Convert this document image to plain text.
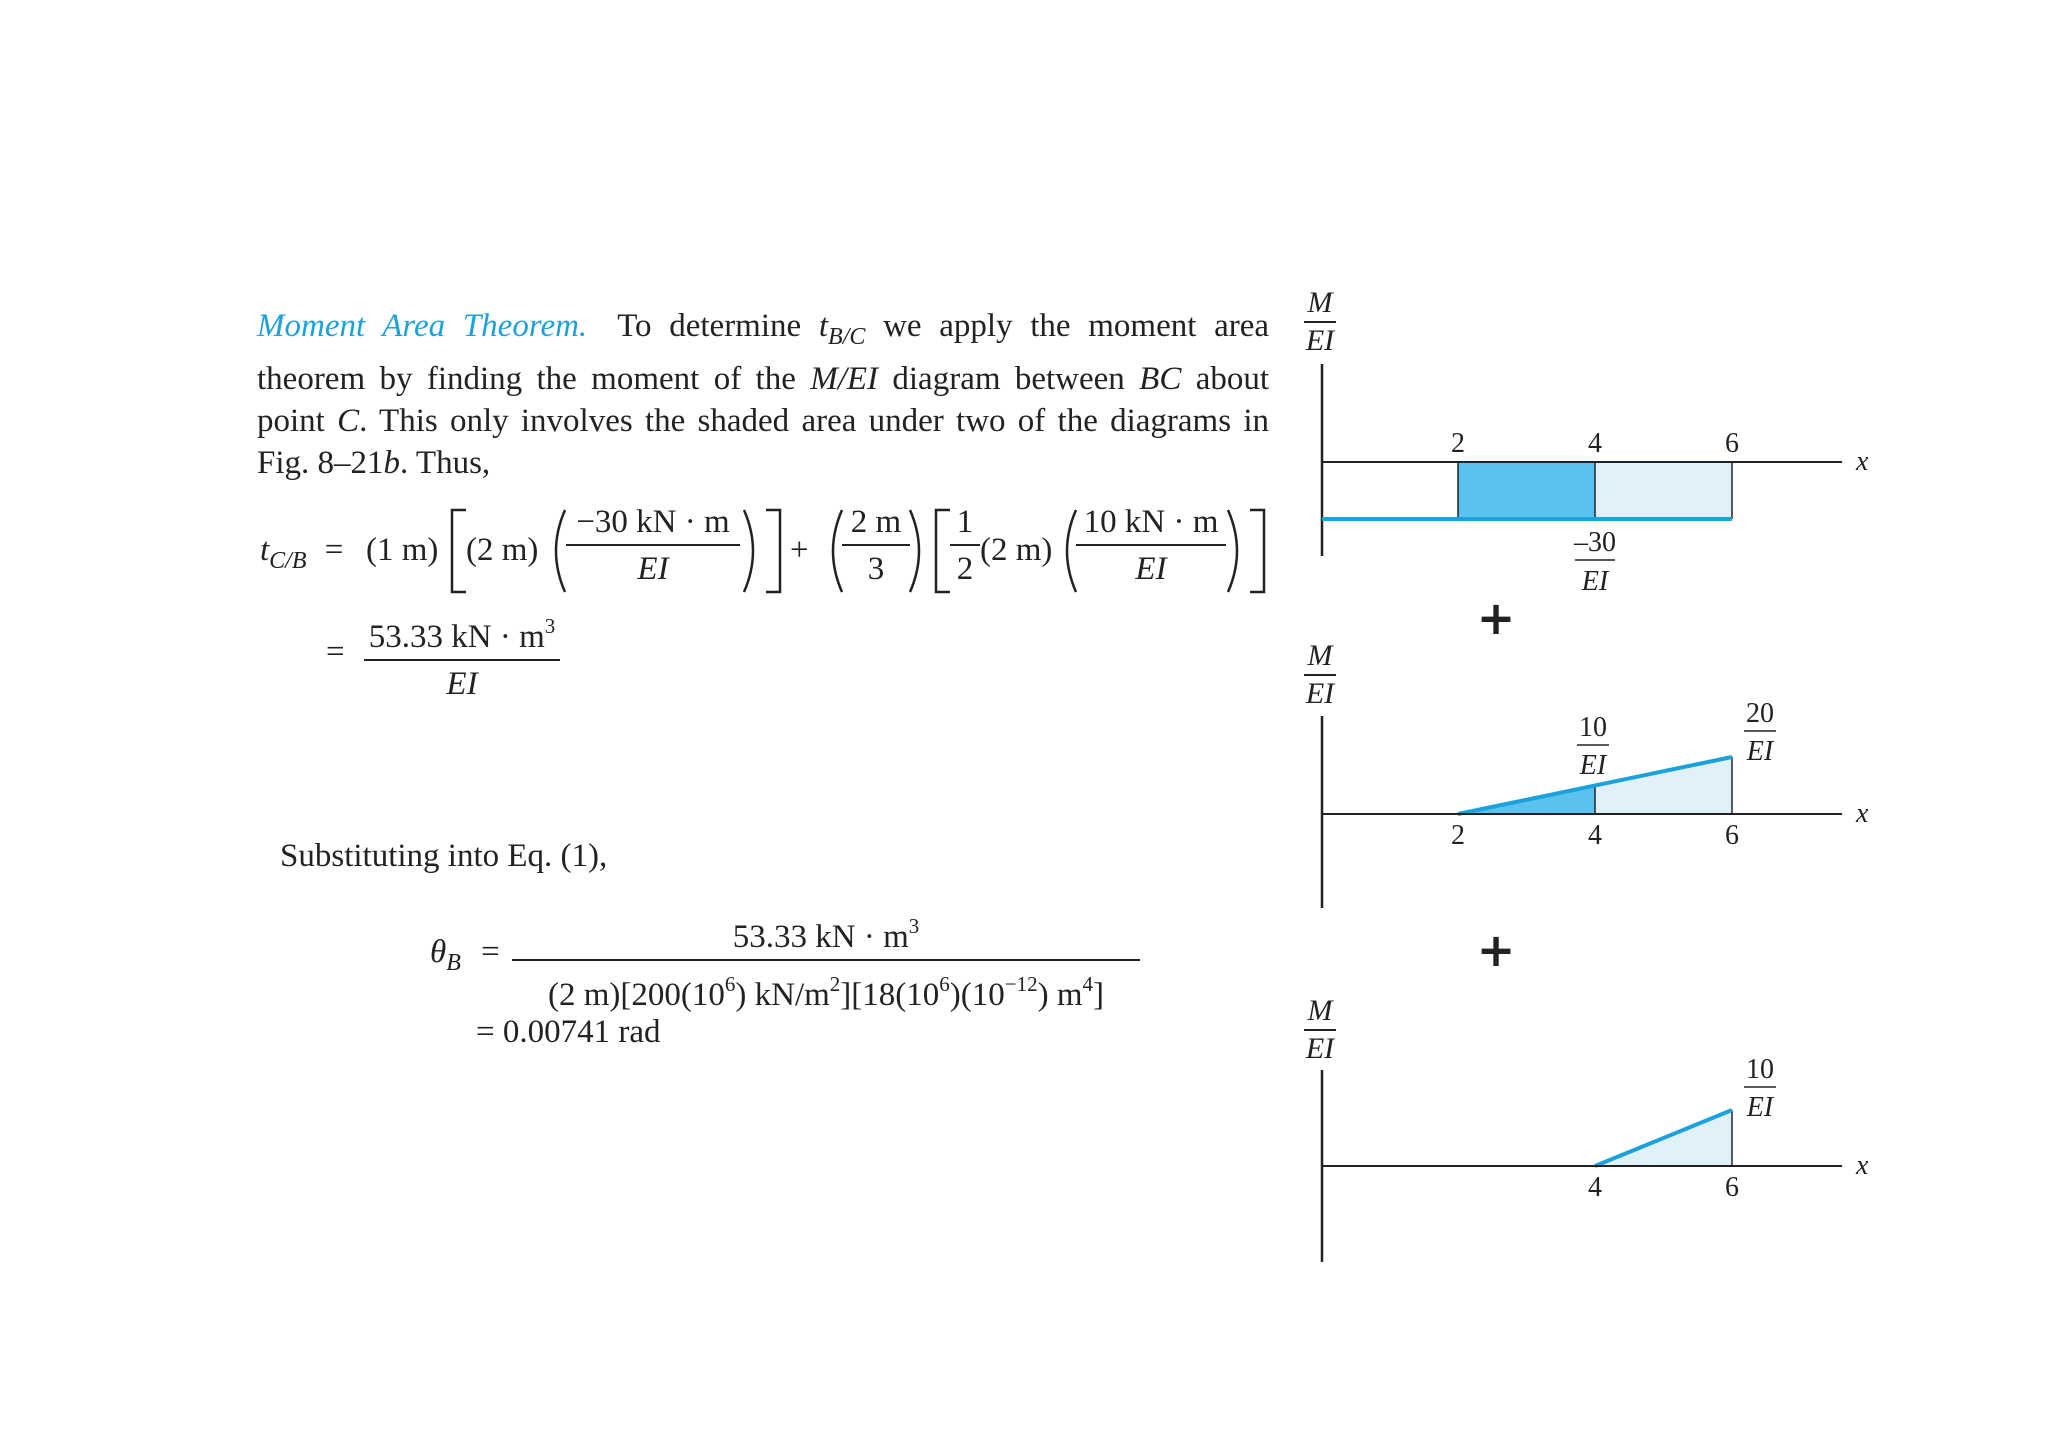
Moment Area Theorem. To determine $t_{B/C}$ we apply the moment area theorem by finding the moment of the M/EI diagram between BC about point C. This only involves the shaded area under two of the diagrams in Fig. 8–21b. Thus,
$t_{C/B} = (1$ m) (2 $m) \frac{-30 kN \cdot m}{EI} + \frac{2 m}{3} \frac{1}{2} (2$ $m) \frac{10 kN \cdot m}{EI}$
= $\frac{53.33 kN \cdot m^3}{EI}$
Substituting into Eq. (1),
$\theta_B = \frac{53.33 kN \cdot m^3}{(2 m)[200(10^6) kN/m^2][18(10^6)(10^{-12}) m^4]}$
= 0.00741 rad
M
EI
2	4	6
x
–30
EI
+
M
EI
2	4	6
x
10
EI
20
EI
+
M
EI
4	6
x
10
EI
